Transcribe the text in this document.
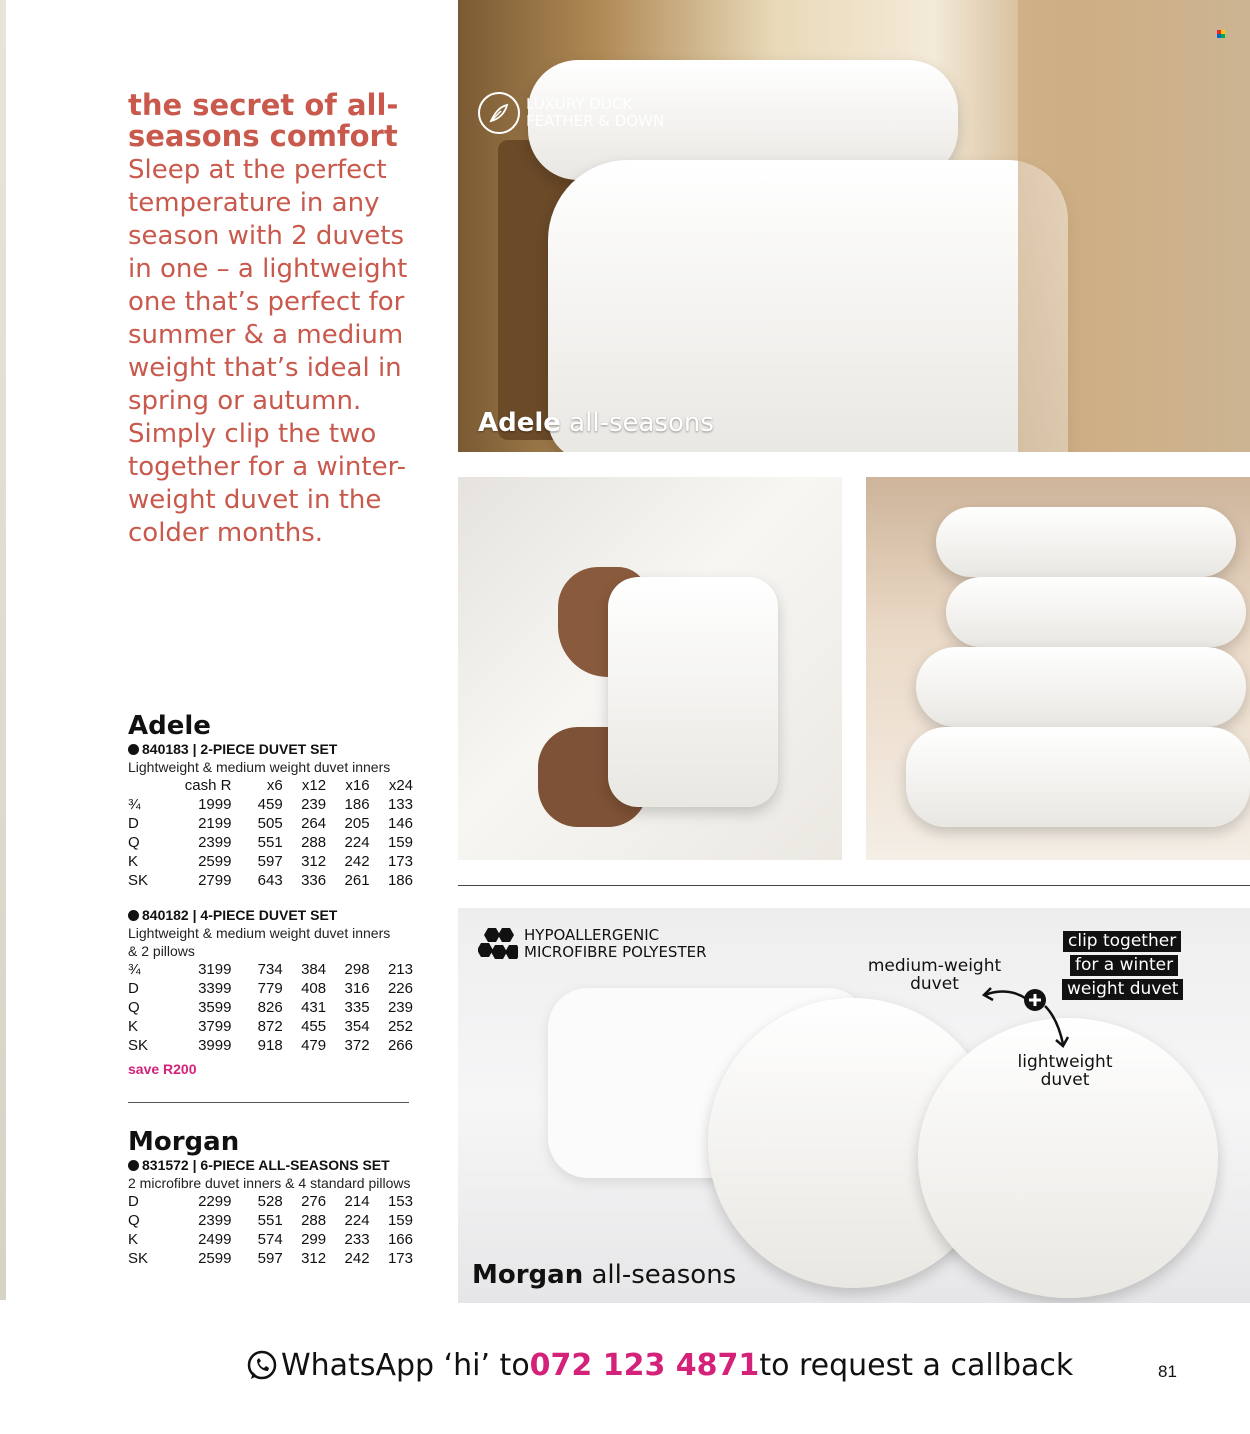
the secret of all-seasons comfort

Sleep at the perfect temperature in any season with 2 duvets in one – a lightweight one that’s perfect for summer & a medium weight that’s ideal in spring or autumn. Simply clip the two together for a winter-weight duvet in the colder months.

Adele
840183 | 2-PIECE DUVET SET
Lightweight & medium weight duvet inners
	cash R	x6	x12	x16	x24
¾	1999	459	239	186	133
D	2199	505	264	205	146
Q	2399	551	288	224	159
K	2599	597	312	242	173
SK	2799	643	336	261	186
840182 | 4-PIECE DUVET SET
Lightweight & medium weight duvet inners & 2 pillows
¾	3199	734	384	298	213
D	3399	779	408	316	226
Q	3599	826	431	335	239
K	3799	872	455	354	252
SK	3999	918	479	372	266
save R200
Morgan
831572 | 6-PIECE ALL-SEASONS SET
2 microfibre duvet inners & 4 standard pillows
D	2299	528	276	214	153
Q	2399	551	288	224	159
K	2499	574	299	233	166
SK	2599	597	312	242	173
LUXURY DUCK
FEATHER & DOWN
Adele all-seasons
HYPOALLERGENIC
MICROFIBRE POLYESTER
clip together
for a winter
weight duvet
medium-weight
duvet
lightweight
duvet
Morgan all-seasons
WhatsApp ‘hi’ to 072 123 4871 to request a callback	81
